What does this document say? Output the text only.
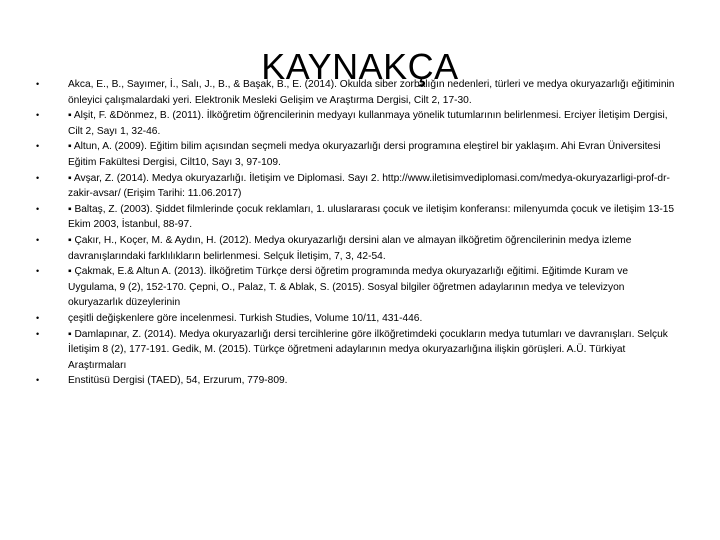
KAYNAKÇA
•	Akca, E., B., Sayımer, İ., Salı, J., B., & Başak, B., E. (2014). Okulda siber zorbalığın nedenleri, türleri ve medya okuryazarlığı eğitiminin önleyici çalışmalardaki yeri. Elektronik Mesleki Gelişim ve Araştırma Dergisi, Cilt 2, 17-30.
•	▪ Alşit, F. &Dönmez, B. (2011). İlköğretim öğrencilerinin medyayı kullanmaya yönelik tutumlarının belirlenmesi. Erciyer İletişim Dergisi, Cilt 2, Sayı 1, 32-46.
•	▪ Altun, A. (2009). Eğitim bilim açısından seçmeli medya okuryazarlığı dersi programına eleştirel bir yaklaşım. Ahi Evran Üniversitesi Eğitim Fakültesi Dergisi, Cilt10, Sayı 3, 97-109.
•	▪ Avşar, Z. (2014). Medya okuryazarlığı. İletişim ve Diplomasi. Sayı 2. http://www.iletisimvediplomasi.com/medya-okuryazarligi-prof-dr-zakir-avsar/ (Erişim Tarihi: 11.06.2017)
•	▪ Baltaş, Z. (2003). Şiddet filmlerinde çocuk reklamları, 1. uluslararası çocuk ve iletişim konferansı: milenyumda çocuk ve iletişim 13-15 Ekim 2003, İstanbul, 88-97.
•	▪ Çakır, H., Koçer, M. & Aydın, H. (2012). Medya okuryazarlığı dersini alan ve almayan ilköğretim öğrencilerinin medya izleme davranışlarındaki farklılıkların belirlenmesi. Selçuk İletişim, 7, 3, 42-54.
•	▪ Çakmak, E.& Altun A. (2013). İlköğretim Türkçe dersi öğretim programında medya okuryazarlığı eğitimi. Eğitimde Kuram ve Uygulama, 9 (2), 152-170. Çepni, O., Palaz, T. & Ablak, S. (2015). Sosyal bilgiler öğretmen adaylarının medya ve televizyon okuryazarlık düzeylerinin
•	çeşitli değişkenlere göre incelenmesi. Turkish Studies, Volume 10/11, 431-446.
•	▪ Damlapınar, Z. (2014). Medya okuryazarlığı dersi tercihlerine göre ilköğretimdeki çocukların medya tutumları ve davranışları. Selçuk İletişim 8 (2), 177-191. Gedik, M. (2015). Türkçe öğretmeni adaylarının medya okuryazarlığına ilişkin görüşleri. A.Ü. Türkiyat Araştırmaları
•	Enstitüsü Dergisi (TAED), 54, Erzurum, 779-809.
